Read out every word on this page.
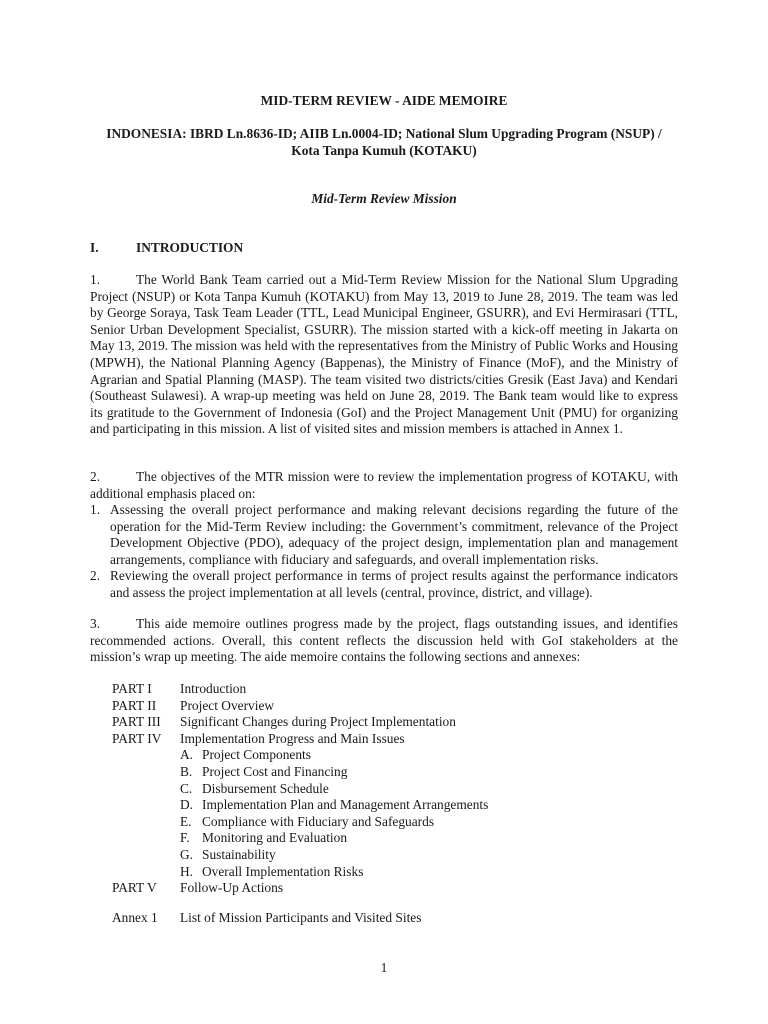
MID-TERM REVIEW - AIDE MEMOIRE
INDONESIA: IBRD Ln.8636-ID; AIIB Ln.0004-ID; National Slum Upgrading Program (NSUP) /
Kota Tanpa Kumuh (KOTAKU)
Mid-Term Review Mission
I.	INTRODUCTION
1.	The World Bank Team carried out a Mid-Term Review Mission for the National Slum Upgrading Project (NSUP) or Kota Tanpa Kumuh (KOTAKU) from May 13, 2019 to June 28, 2019. The team was led by George Soraya, Task Team Leader (TTL, Lead Municipal Engineer, GSURR), and Evi Hermirasari (TTL, Senior Urban Development Specialist, GSURR). The mission started with a kick-off meeting in Jakarta on May 13, 2019. The mission was held with the representatives from the Ministry of Public Works and Housing (MPWH), the National Planning Agency (Bappenas), the Ministry of Finance (MoF), and the Ministry of Agrarian and Spatial Planning (MASP). The team visited two districts/cities Gresik (East Java) and Kendari (Southeast Sulawesi). A wrap-up meeting was held on June 28, 2019. The Bank team would like to express its gratitude to the Government of Indonesia (GoI) and the Project Management Unit (PMU) for organizing and participating in this mission. A list of visited sites and mission members is attached in Annex 1.
2.	The objectives of the MTR mission were to review the implementation progress of KOTAKU, with additional emphasis placed on:
1. Assessing the overall project performance and making relevant decisions regarding the future of the operation for the Mid-Term Review including: the Government’s commitment, relevance of the Project Development Objective (PDO), adequacy of the project design, implementation plan and management arrangements, compliance with fiduciary and safeguards, and overall implementation risks.
2. Reviewing the overall project performance in terms of project results against the performance indicators and assess the project implementation at all levels (central, province, district, and village).
3.	This aide memoire outlines progress made by the project, flags outstanding issues, and identifies recommended actions. Overall, this content reflects the discussion held with GoI stakeholders at the mission’s wrap up meeting. The aide memoire contains the following sections and annexes:
PART I	Introduction
PART II	Project Overview
PART III	Significant Changes during Project Implementation
PART IV	Implementation Progress and Main Issues
A. Project Components
B. Project Cost and Financing
C. Disbursement Schedule
D. Implementation Plan and Management Arrangements
E. Compliance with Fiduciary and Safeguards
F. Monitoring and Evaluation
G. Sustainability
H. Overall Implementation Risks
PART V	Follow-Up Actions
Annex 1	List of Mission Participants and Visited Sites
1
